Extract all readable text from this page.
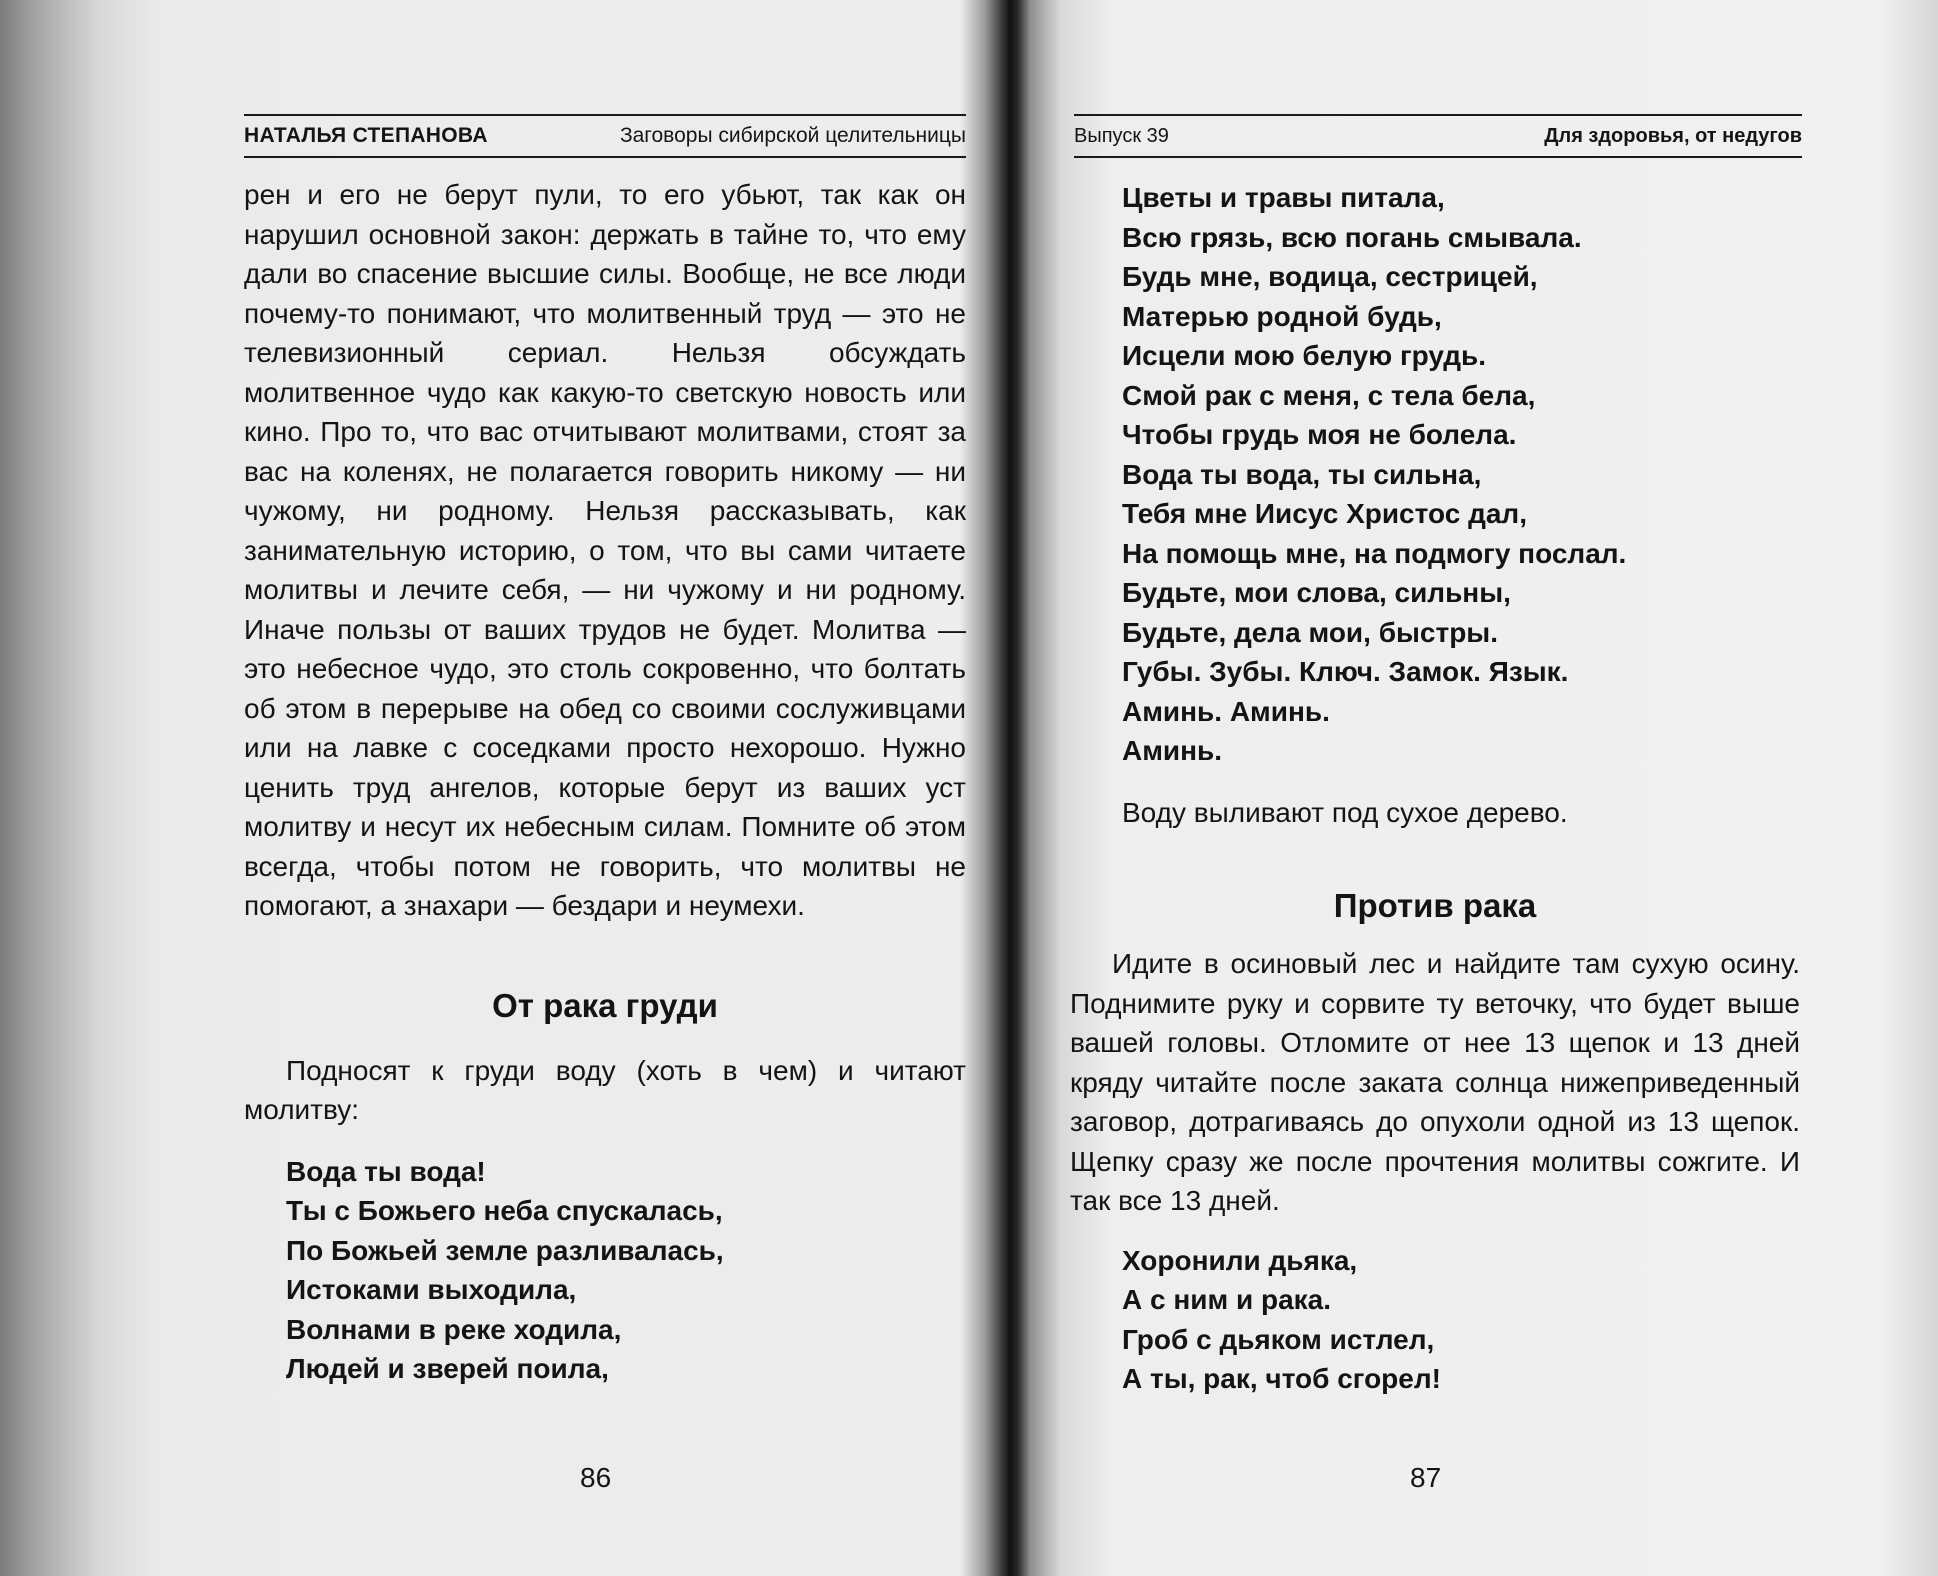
НАТАЛЬЯ СТЕПАНОВА	Заговоры сибирской целительницы

рен и его не берут пули, то его убьют, так как он нарушил основной закон: держать в тайне то, что ему дали во спасение высшие силы. Вообще, не все люди почему-то понимают, что молитвенный труд — это не телевизионный сериал. Нельзя обсуждать молитвенное чудо как какую-то светскую новость или кино. Про то, что вас отчитывают молитвами, стоят за вас на коленях, не полагается говорить никому — ни чужому, ни родному. Нельзя рассказывать, как занимательную историю, о том, что вы сами читаете молитвы и лечите себя, — ни чужому и ни родному. Иначе пользы от ваших трудов не будет. Молитва — это небесное чудо, это столь сокровенно, что болтать об этом в перерыве на обед со своими сослуживцами или на лавке с соседками просто нехорошо. Нужно ценить труд ангелов, которые берут из ваших уст молитву и несут их небесным силам. Помните об этом всегда, чтобы потом не говорить, что молитвы не помогают, а знахари — бездари и неумехи.

От рака груди

Подносят к груди воду (хоть в чем) и читают молитву:

Вода ты вода!
Ты с Божьего неба спускалась,
По Божьей земле разливалась,
Истоками выходила,
Волнами в реке ходила,
Людей и зверей поила,
86
Выпуск 39	Для здоровья, от недугов
Цветы и травы питала,
Всю грязь, всю погань смывала.
Будь мне, водица, сестрицей,
Матерью родной будь,
Исцели мою белую грудь.
Смой рак с меня, с тела бела,
Чтобы грудь моя не болела.
Вода ты вода, ты сильна,
Тебя мне Иисус Христос дал,
На помощь мне, на подмогу послал.
Будьте, мои слова, сильны,
Будьте, дела мои, быстры.
Губы. Зубы. Ключ. Замок. Язык.
Аминь. Аминь.
Аминь.

Воду выливают под сухое дерево.

Против рака

Идите в осиновый лес и найдите там сухую осину. Поднимите руку и сорвите ту веточку, что будет выше вашей головы. Отломите от нее 13 щепок и 13 дней кряду читайте после заката солнца нижеприведенный заговор, дотрагиваясь до опухоли одной из 13 щепок. Щепку сразу же после прочтения молитвы сожгите. И так все 13 дней.

Хоронили дьяка,
А с ним и рака.
Гроб с дьяком истлел,
А ты, рак, чтоб сгорел!
87
